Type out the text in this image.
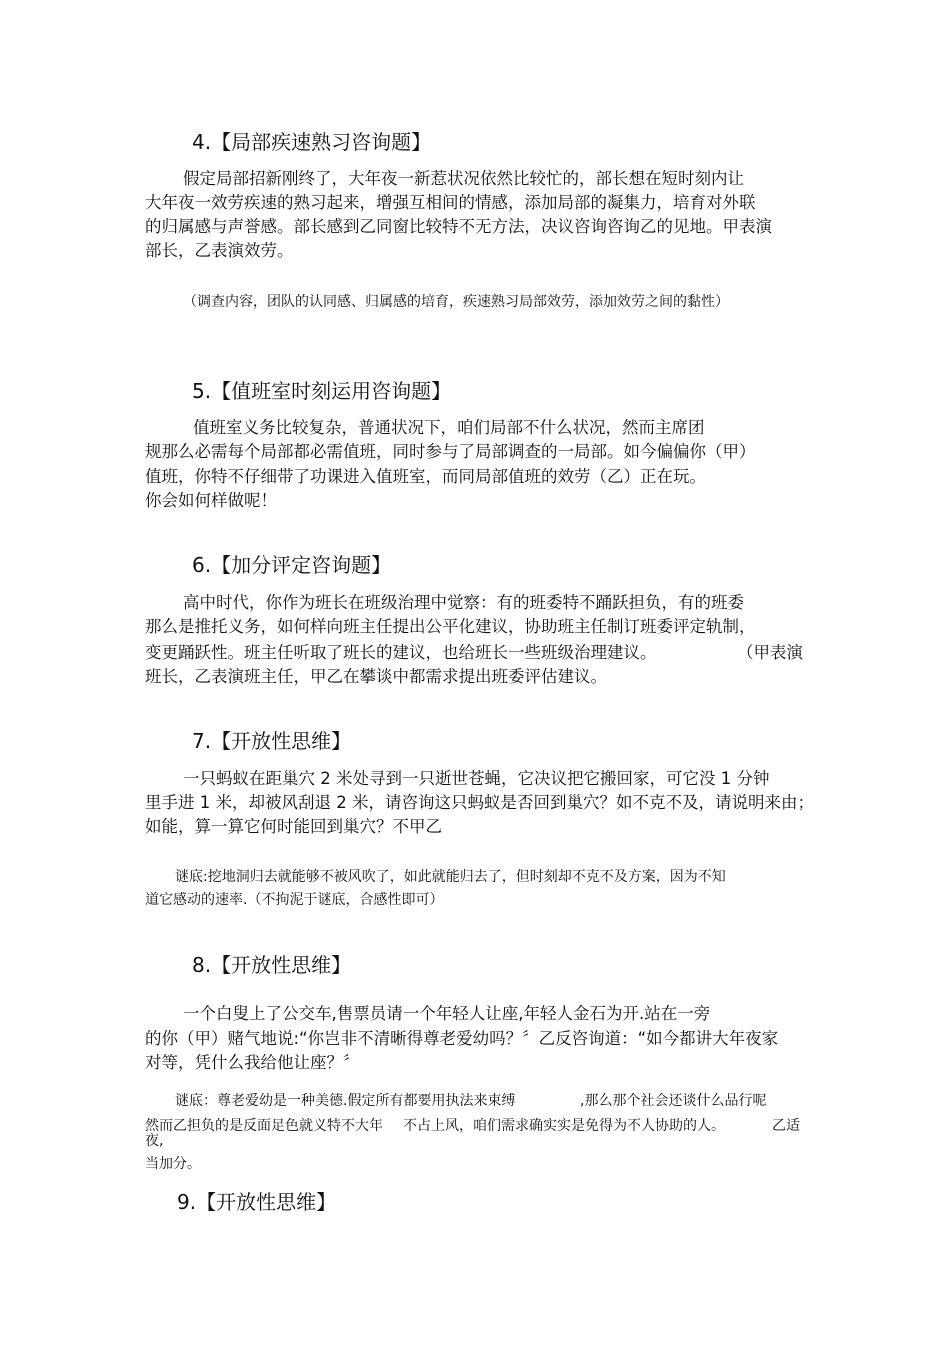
4.【局部疾速熟习咨询题】
假定局部招新刚终了，大年夜一新惹状况依然比较忙的，部长想在短时刻内让
大年夜一效劳疾速的熟习起来，增强互相间的情感，添加局部的凝集力，培育对外联
的归属感与声誉感。部长感到乙同窗比较特不无方法，决议咨询咨询乙的见地。甲表演
部长，乙表演效劳。
（调查内容，团队的认同感、归属感的培育，疾速熟习局部效劳，添加效劳之间的黏性）
5.【值班室时刻运用咨询题】
值班室义务比较复杂，普通状况下，咱们局部不什么状况，然而主席团
规那么必需每个局部都必需值班，同时参与了局部调查的一局部。如今偏偏你（甲）
值班，你特不仔细带了功课进入值班室，而同局部值班的效劳（乙）正在玩。
你会如何样做呢！
6.【加分评定咨询题】
高中时代，你作为班长在班级治理中觉察：有的班委特不踊跃担负，有的班委
那么是推托义务，如何样向班主任提出公平化建议，协助班主任制订班委评定轨制，
变更踊跃性。班主任听取了班长的建议，也给班长一些班级治理建议。	（甲表演
班长，乙表演班主任，甲乙在攀谈中都需求提出班委评估建议。
7.【开放性思维】
一只蚂蚁在距巢穴 2 米处寻到一只逝世苍蝇，它决议把它搬回家，可它没 1 分钟
里手进 1 米，却被风刮退 2 米，请咨询这只蚂蚁是否回到巢穴？如不克不及，请说明来由；
如能，算一算它何时能回到巢穴？不甲乙
谜底:挖地洞归去就能够不被风吹了，如此就能归去了，但时刻却不克不及方案，因为不知
道它感动的速率.（不拘泥于谜底，合感性即可）
8.【开放性思维】
一个白叟上了公交车,售票员请一个年轻人让座,年轻人金石为开.站在一旁
的你（甲）赌气地说:“你岂非不清晰得尊老爱幼吗？〞乙反咨询道：“如今都讲大年夜家
对等，凭什么我给他让座？〞
谜底：尊老爱幼是一种美德.假定所有都要用执法来束缚	,那么那个社会还谈什么品行呢
然而乙担负的是反面足色就义特不大年
夜,
不占上风，咱们需求确实实是免得为不人协助的人。	乙适
当加分。
9.【开放性思维】
